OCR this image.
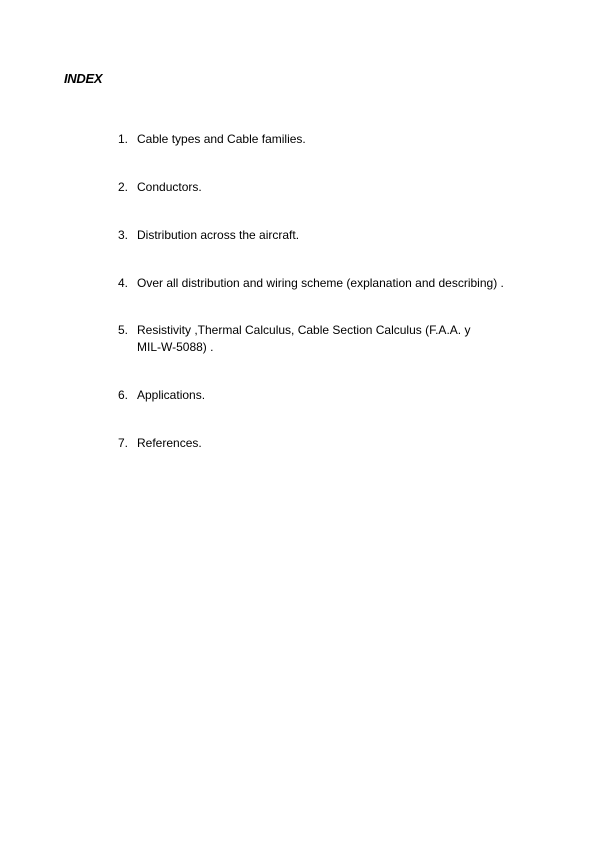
INDEX
1. Cable types and Cable families.
2. Conductors.
3. Distribution across the aircraft.
4. Over all distribution and wiring scheme (explanation and describing) .
5. Resistivity ,Thermal Calculus, Cable Section Calculus (F.A.A. y MIL-W-5088) .
6. Applications.
7. References.
